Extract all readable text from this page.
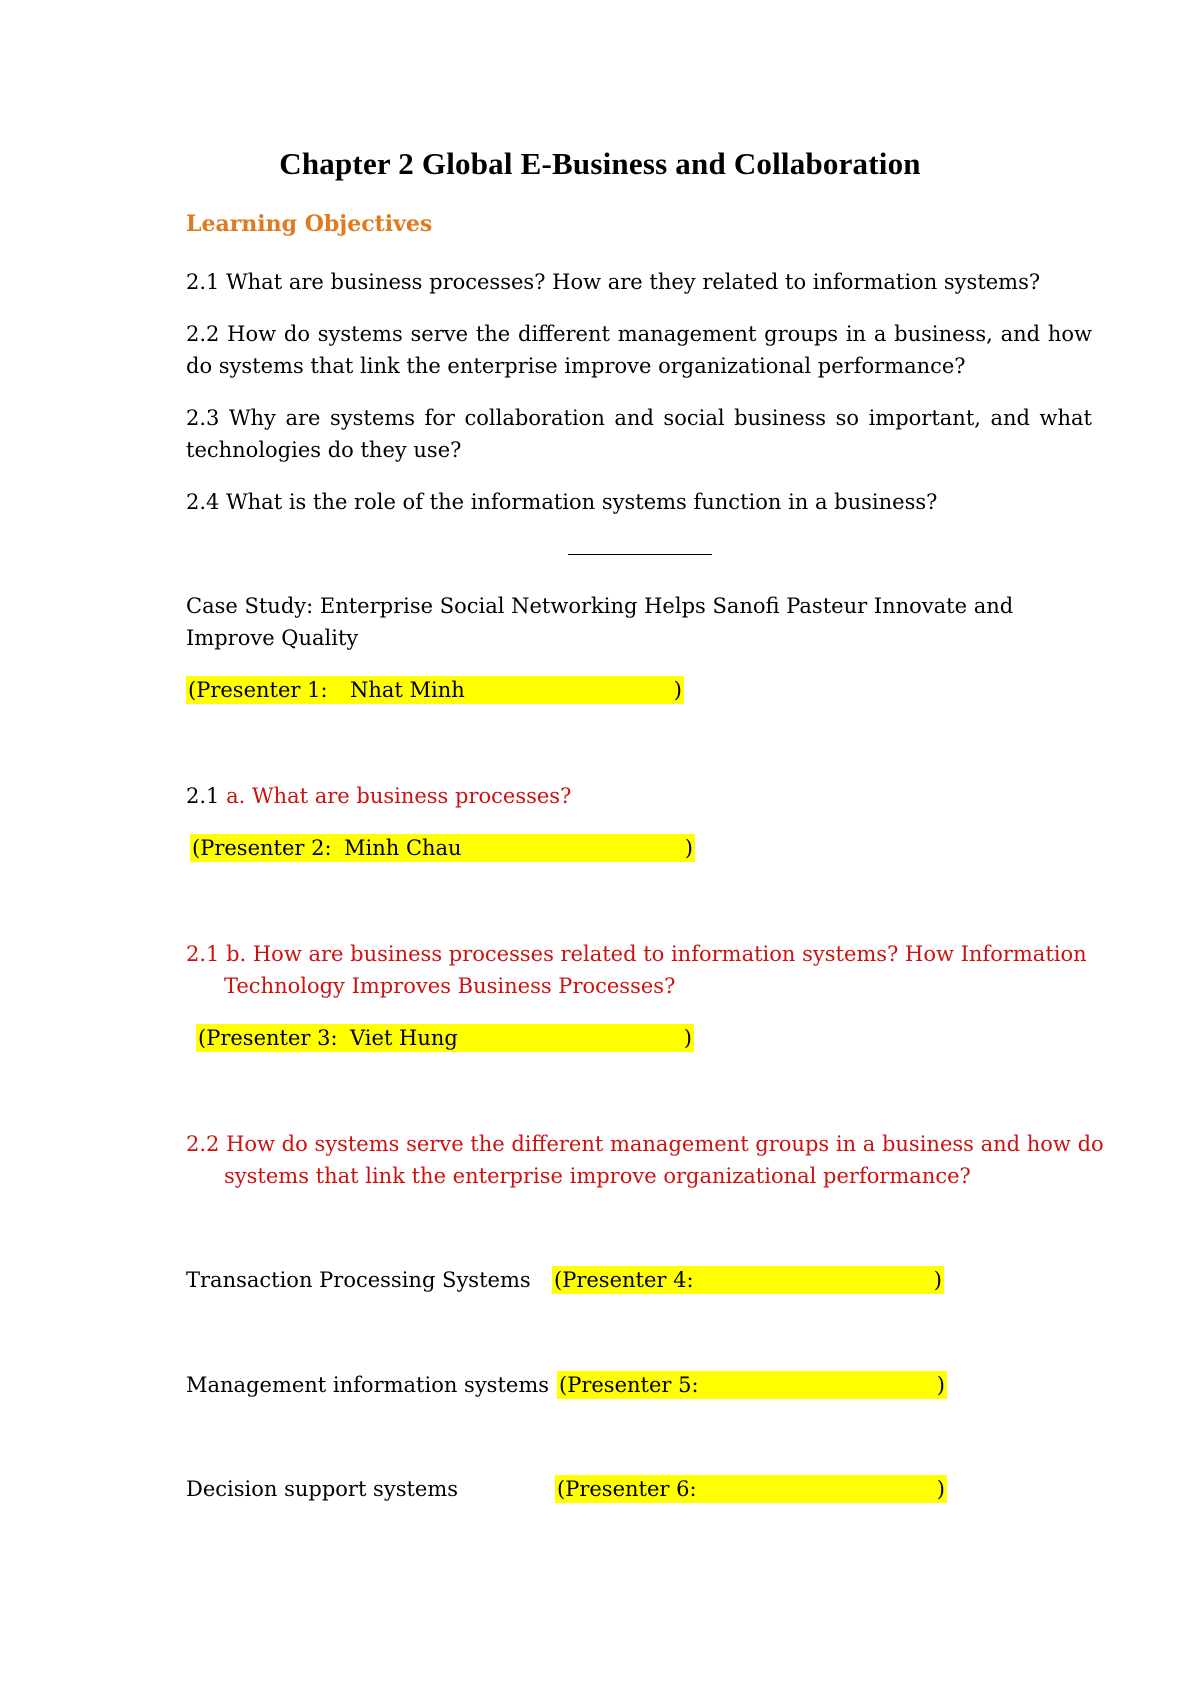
Chapter 2 Global E-Business and Collaboration
Learning Objectives
2.1 What are business processes? How are they related to information systems?
2.2 How do systems serve the different management groups in a business, and how do systems that link the enterprise improve organizational performance?
2.3 Why are systems for collaboration and social business so important, and what technologies do they use?
2.4 What is the role of the information systems function in a business?
Case Study: Enterprise Social Networking Helps Sanofi Pasteur Innovate and Improve Quality
(Presenter 1: Nhat Minh	)
2.1 a. What are business processes?
(Presenter 2: Minh Chau	)
2.1 b. How are business processes related to information systems? How Information Technology Improves Business Processes?
(Presenter 3: Viet Hung	)
2.2 How do systems serve the different management groups in a business and how do systems that link the enterprise improve organizational performance?
Transaction Processing Systems (Presenter 4:	)
Management information systems (Presenter 5:	)
Decision support systems	(Presenter 6:	)
